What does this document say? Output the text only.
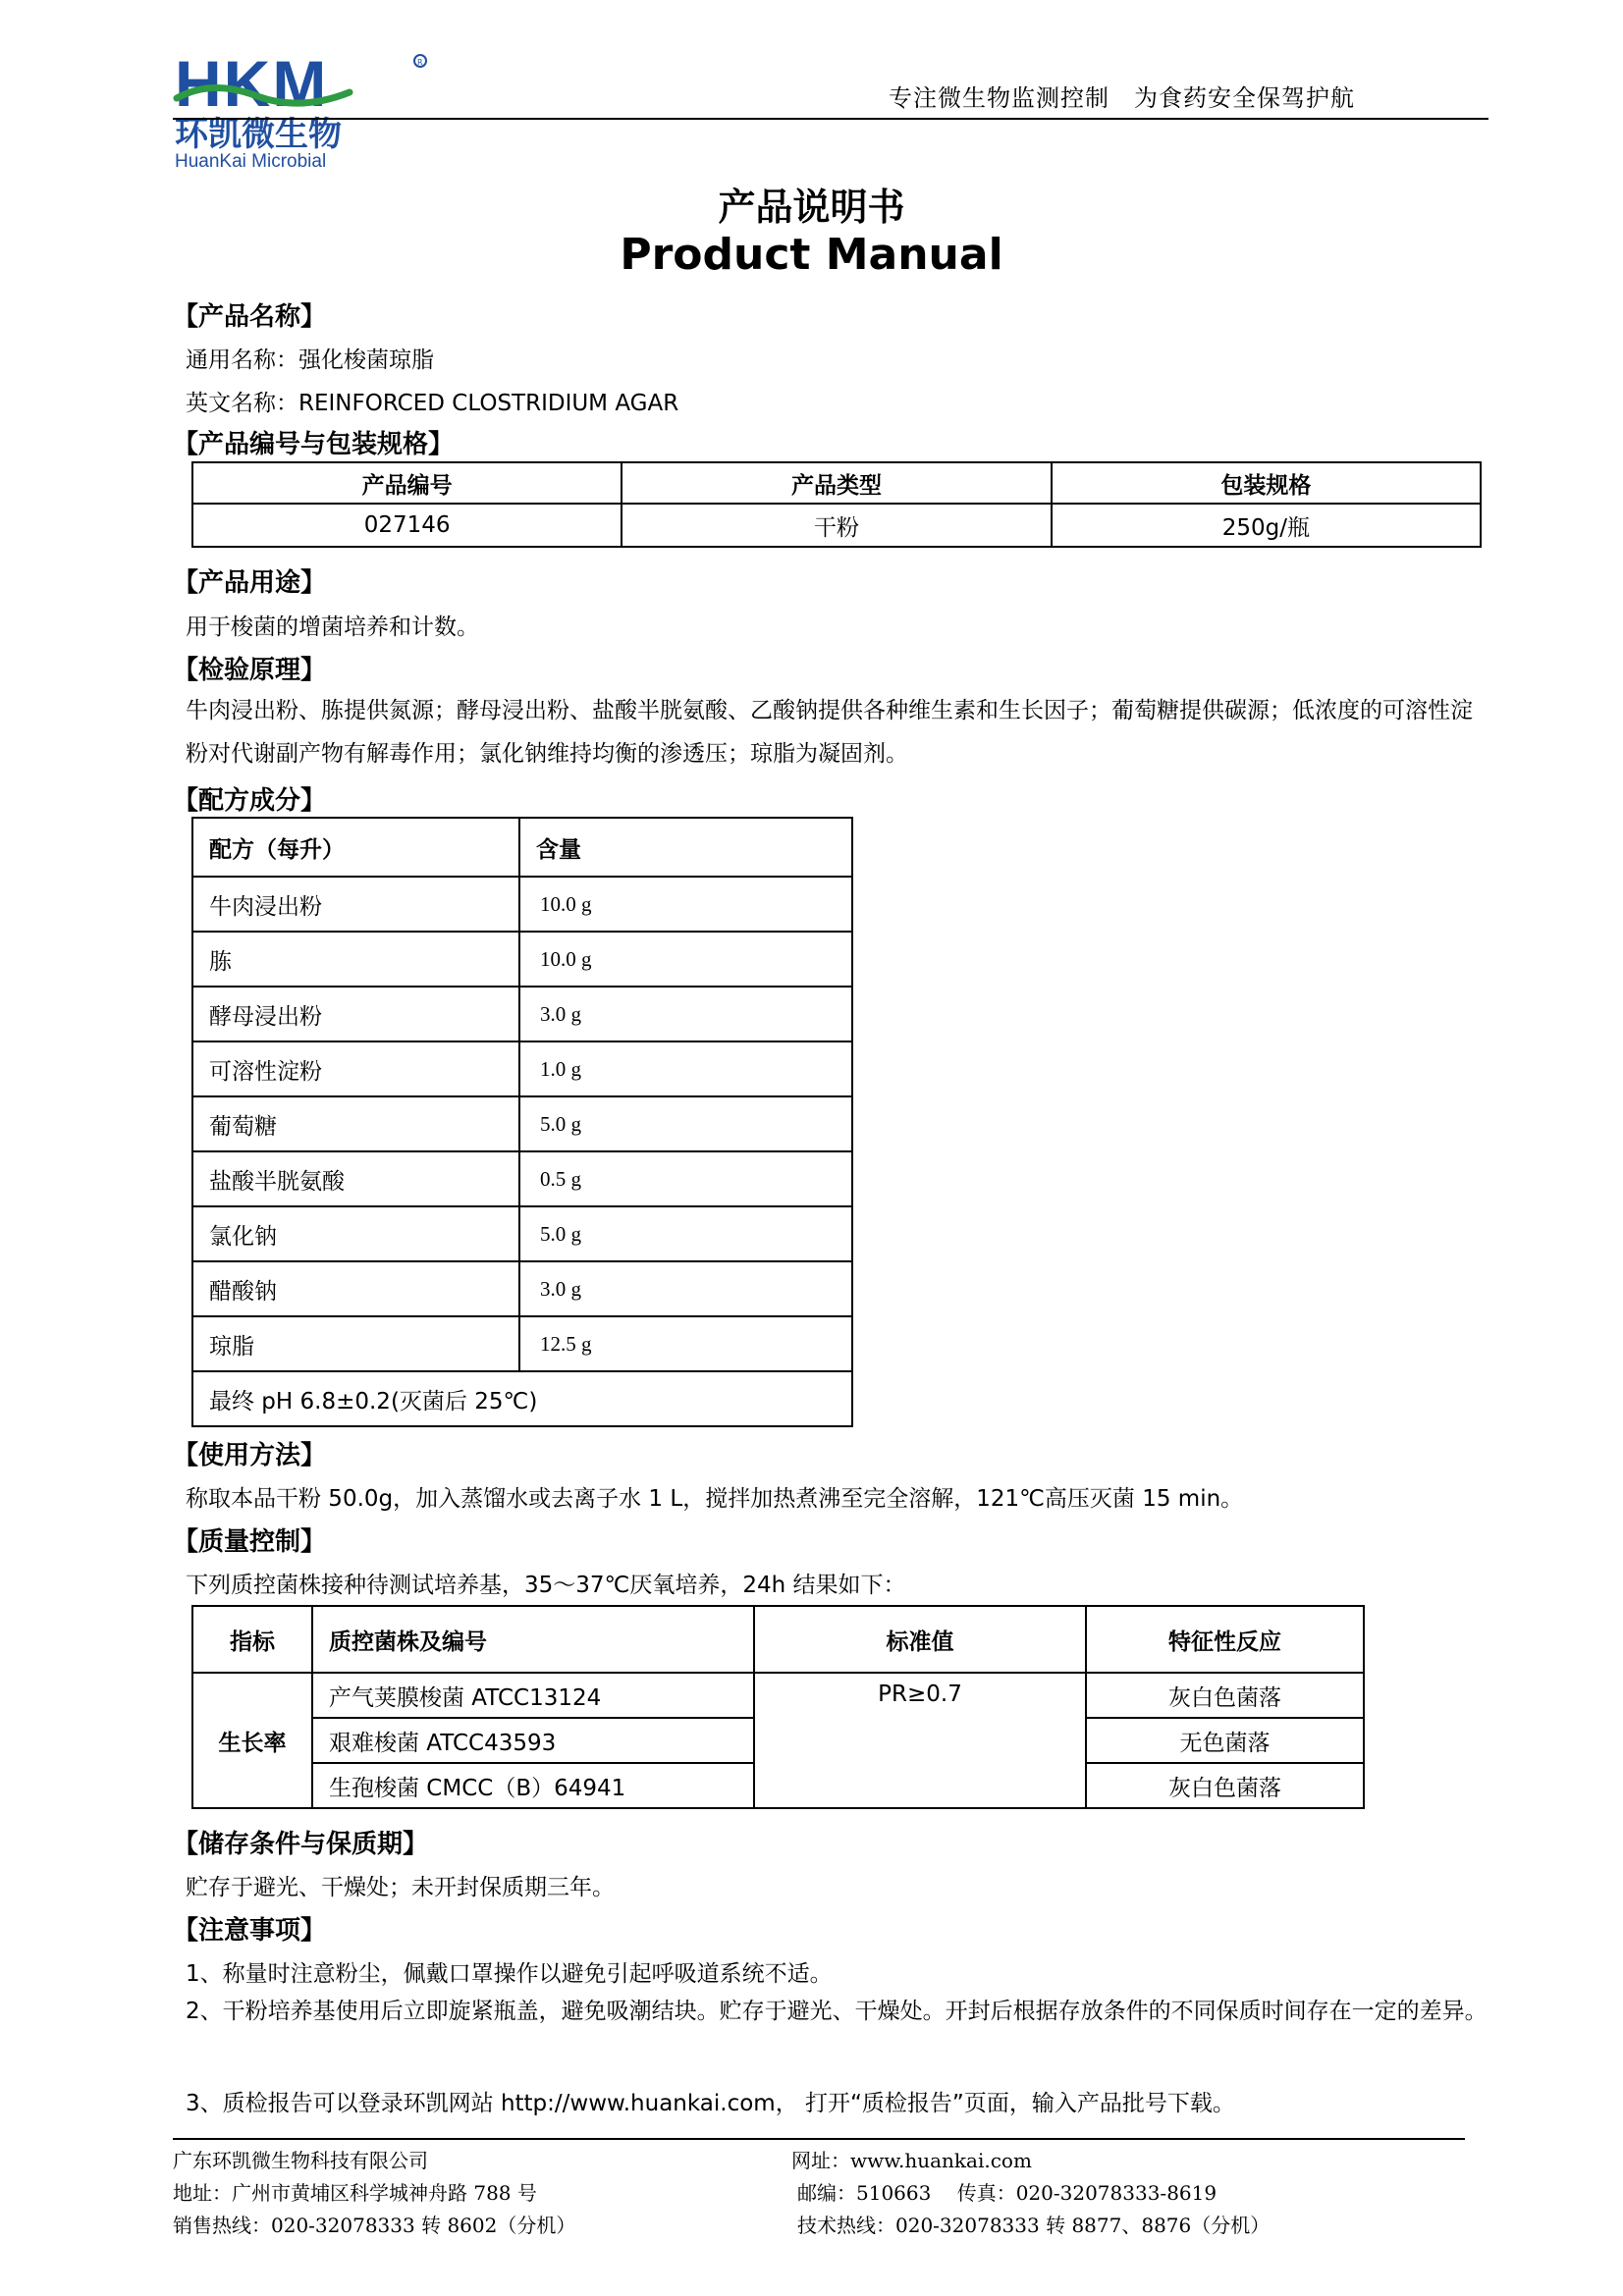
HKM	R
环凯微生物
HuanKai Microbial
专注微生物监测控制　为食药安全保驾护航
产品说明书
Product Manual
【产品名称】
通用名称：强化梭菌琼脂
英文名称：REINFORCED CLOSTRIDIUM AGAR
【产品编号与包装规格】
产品编号	产品类型	包装规格
027146	干粉	250g/瓶
【产品用途】
用于梭菌的增菌培养和计数。
【检验原理】
牛肉浸出粉、胨提供氮源；酵母浸出粉、盐酸半胱氨酸、乙酸钠提供各种维生素和生长因子；葡萄糖提供碳源；低浓度的可溶性淀粉对代谢副产物有解毒作用；氯化钠维持均衡的渗透压；琼脂为凝固剂。
【配方成分】
配方（每升）	含量
牛肉浸出粉	10.0 g
胨	10.0 g
酵母浸出粉	3.0 g
可溶性淀粉	1.0 g
葡萄糖	5.0 g
盐酸半胱氨酸	0.5 g
氯化钠	5.0 g
醋酸钠	3.0 g
琼脂	12.5 g
最终 pH 6.8±0.2(灭菌后 25℃)	
【使用方法】
称取本品干粉 50.0g，加入蒸馏水或去离子水 1 L，搅拌加热煮沸至完全溶解，121℃高压灭菌 15 min。
【质量控制】
下列质控菌株接种待测试培养基，35～37℃厌氧培养，24h 结果如下：
指标	质控菌株及编号	标准值	特征性反应
生长率	产气荚膜梭菌 ATCC13124	PR≥0.7	灰白色菌落
	艰难梭菌 ATCC43593		无色菌落
	生孢梭菌 CMCC（B）64941		灰白色菌落
【储存条件与保质期】
贮存于避光、干燥处；未开封保质期三年。
【注意事项】
1、称量时注意粉尘，佩戴口罩操作以避免引起呼吸道系统不适。
2、干粉培养基使用后立即旋紧瓶盖，避免吸潮结块。贮存于避光、干燥处。开封后根据存放条件的不同保质时间存在一定的差异。
3、质检报告可以登录环凯网站 http://www.huankai.com， 打开“质检报告”页面，输入产品批号下载。
广东环凯微生物科技有限公司	网址：www.huankai.com
地址：广州市黄埔区科学城神舟路 788 号	邮编：510663　 传真：020-32078333-8619
销售热线：020-32078333 转 8602（分机）	技术热线：020-32078333 转 8877、8876（分机）
